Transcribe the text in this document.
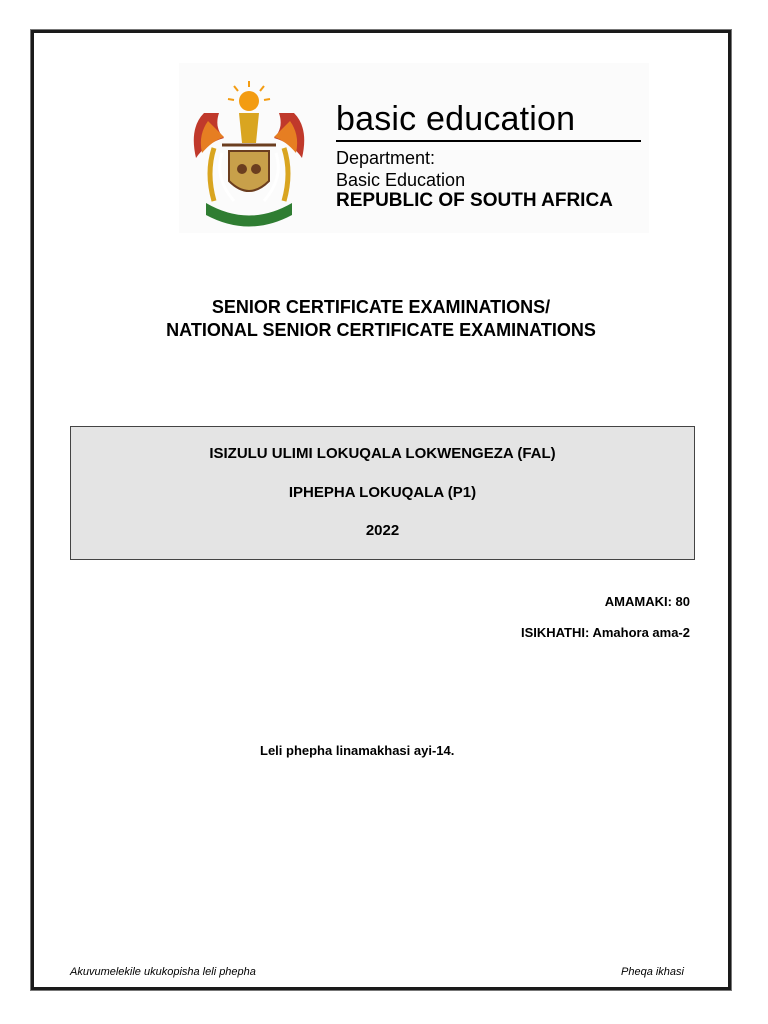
basic education
Department:
Basic Education
REPUBLIC OF SOUTH AFRICA
SENIOR CERTIFICATE EXAMINATIONS/
NATIONAL SENIOR CERTIFICATE EXAMINATIONS
ISIZULU ULIMI LOKUQALA LOKWENGEZA (FAL)
IPHEPHA LOKUQALA (P1)
2022
AMAMAKI: 80
ISIKHATHI: Amahora ama-2
Leli phepha linamakhasi ayi-14.
Akuvumelekile ukukopisha leli phepha	Pheqa ikhasi
